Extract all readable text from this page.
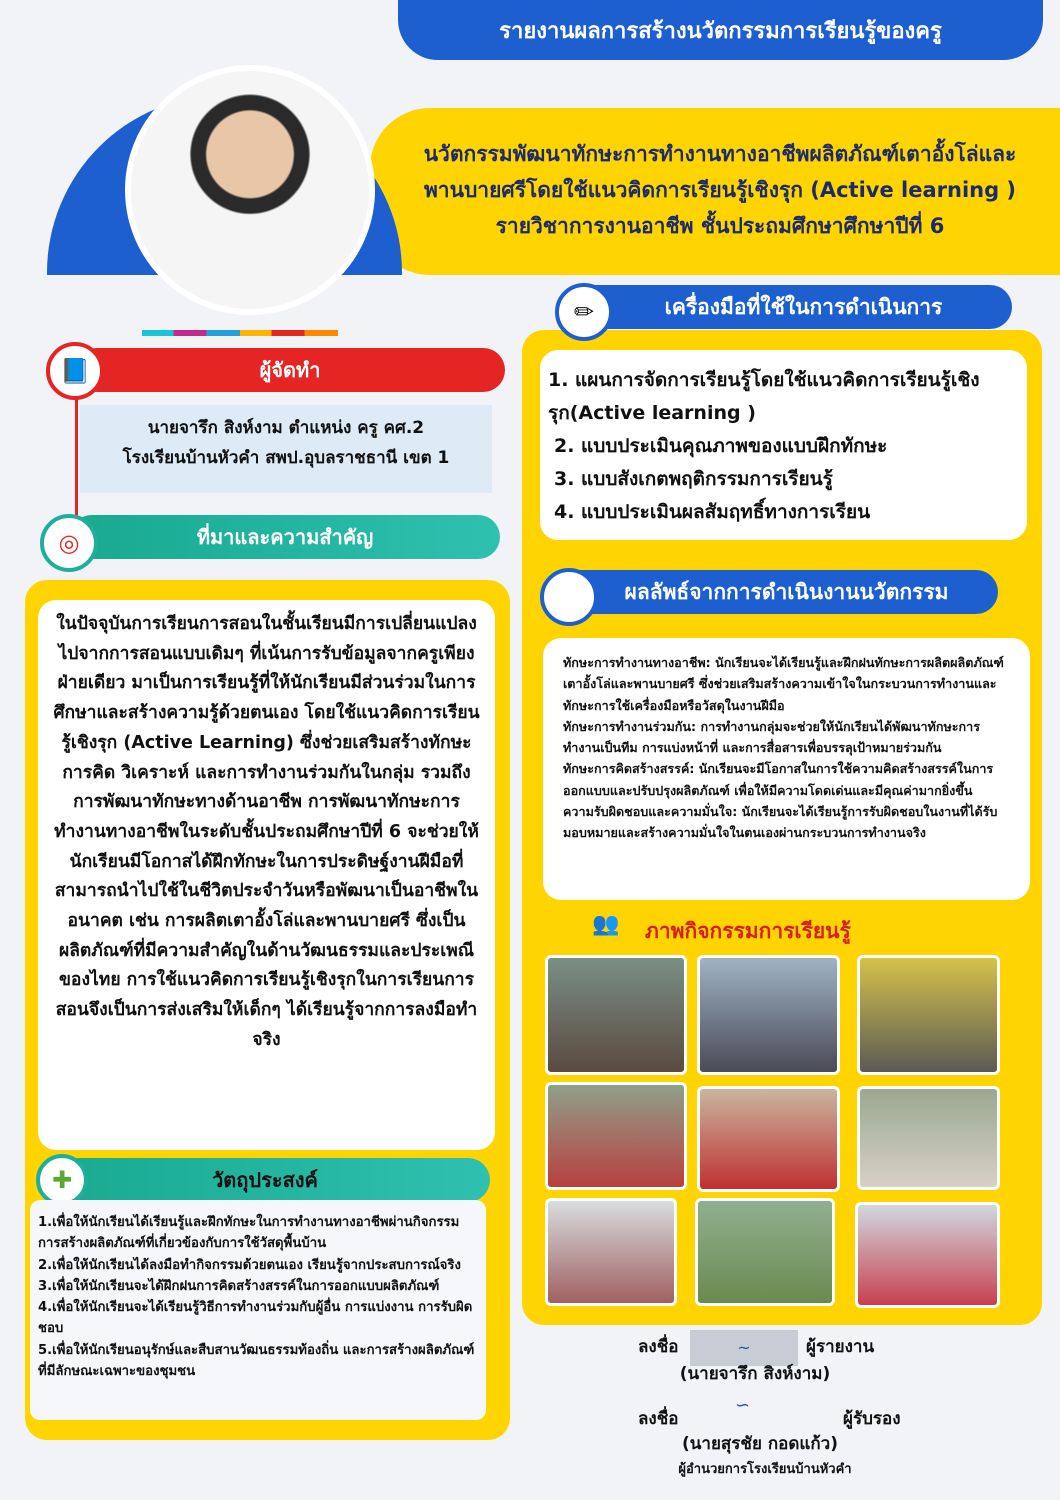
รายงานผลการสร้างนวัตกรรมการเรียนรู้ของครู
นวัตกรรมพัฒนาทักษะการทำงานทางอาชีพผลิตภัณฑ์เตาอั้งโล่และ
พานบายศรีโดยใช้แนวคิดการเรียนรู้เชิงรุก (Active learning )
รายวิชาการงานอาชีพ ชั้นประถมศึกษาศึกษาปีที่ 6
ผู้จัดทำ
📘
นายจารึก สิงห์งาม ตำแหน่ง ครู คศ.2
โรงเรียนบ้านหัวคำ สพป.อุบลราชธานี เขต 1
ที่มาและความสำคัญ
◎
ในปัจจุบันการเรียนการสอนในชั้นเรียนมีการเปลี่ยนแปลงไปจากการสอนแบบเดิมๆ ที่เน้นการรับข้อมูลจากครูเพียงฝ่ายเดียว มาเป็นการเรียนรู้ที่ให้นักเรียนมีส่วนร่วมในการศึกษาและสร้างความรู้ด้วยตนเอง โดยใช้แนวคิดการเรียนรู้เชิงรุก (Active Learning) ซึ่งช่วยเสริมสร้างทักษะการคิด วิเคราะห์ และการทำงานร่วมกันในกลุ่ม รวมถึงการพัฒนาทักษะทางด้านอาชีพ การพัฒนาทักษะการทำงานทางอาชีพในระดับชั้นประถมศึกษาปีที่ 6 จะช่วยให้นักเรียนมีโอกาสได้ฝึกทักษะในการประดิษฐ์งานฝีมือที่สามารถนำไปใช้ในชีวิตประจำวันหรือพัฒนาเป็นอาชีพในอนาคต เช่น การผลิตเตาอั้งโล่และพานบายศรี ซึ่งเป็นผลิตภัณฑ์ที่มีความสำคัญในด้านวัฒนธรรมและประเพณีของไทย การใช้แนวคิดการเรียนรู้เชิงรุกในการเรียนการสอนจึงเป็นการส่งเสริมให้เด็กๆ ได้เรียนรู้จากการลงมือทำจริง
วัตถุประสงค์
✚
1.เพื่อให้นักเรียนได้เรียนรู้และฝึกทักษะในการทำงานทางอาชีพผ่านกิจกรรมการสร้างผลิตภัณฑ์ที่เกี่ยวข้องกับการใช้วัสดุพื้นบ้าน
2.เพื่อให้นักเรียนได้ลงมือทำกิจกรรมด้วยตนเอง เรียนรู้จากประสบการณ์จริง
3.เพื่อให้นักเรียนจะได้ฝึกฝนการคิดสร้างสรรค์ในการออกแบบผลิตภัณฑ์
4.เพื่อให้นักเรียนจะได้เรียนรู้วิธีการทำงานร่วมกับผู้อื่น การแบ่งงาน การรับผิดชอบ
5.เพื่อให้นักเรียนอนุรักษ์และสืบสานวัฒนธรรมท้องถิ่น และการสร้างผลิตภัณฑ์ที่มีลักษณะเฉพาะของชุมชน
เครื่องมือที่ใช้ในการดำเนินการ
✏
1. แผนการจัดการเรียนรู้โดยใช้แนวคิดการเรียนรู้เชิงรุก(Active learning )
2. แบบประเมินคุณภาพของแบบฝึกทักษะ
3. แบบสังเกตพฤติกรรมการเรียนรู้
4. แบบประเมินผลสัมฤทธิ์ทางการเรียน
ผลลัพธ์จากการดำเนินงานนวัตกรรม
ทักษะการทำงานทางอาชีพ: นักเรียนจะได้เรียนรู้และฝึกฝนทักษะการผลิตผลิตภัณฑ์เตาอั้งโล่และพานบายศรี ซึ่งช่วยเสริมสร้างความเข้าใจในกระบวนการทำงานและทักษะการใช้เครื่องมือหรือวัสดุในงานฝีมือ
ทักษะการทำงานร่วมกัน: การทำงานกลุ่มจะช่วยให้นักเรียนได้พัฒนาทักษะการทำงานเป็นทีม การแบ่งหน้าที่ และการสื่อสารเพื่อบรรลุเป้าหมายร่วมกัน
ทักษะการคิดสร้างสรรค์: นักเรียนจะมีโอกาสในการใช้ความคิดสร้างสรรค์ในการออกแบบและปรับปรุงผลิตภัณฑ์ เพื่อให้มีความโดดเด่นและมีคุณค่ามากยิ่งขึ้น
ความรับผิดชอบและความมั่นใจ: นักเรียนจะได้เรียนรู้การรับผิดชอบในงานที่ได้รับมอบหมายและสร้างความมั่นใจในตนเองผ่านกระบวนการทำงานจริง
👥 ภาพกิจกรรมการเรียนรู้
ลงชื่อ	~	ผู้รายงาน
(นายจารึก สิงห์งาม)
ลงชื่อ
∽
ผู้รับรอง
(นายสุรชัย กอดแก้ว)
ผู้อำนวยการโรงเรียนบ้านหัวคำ
